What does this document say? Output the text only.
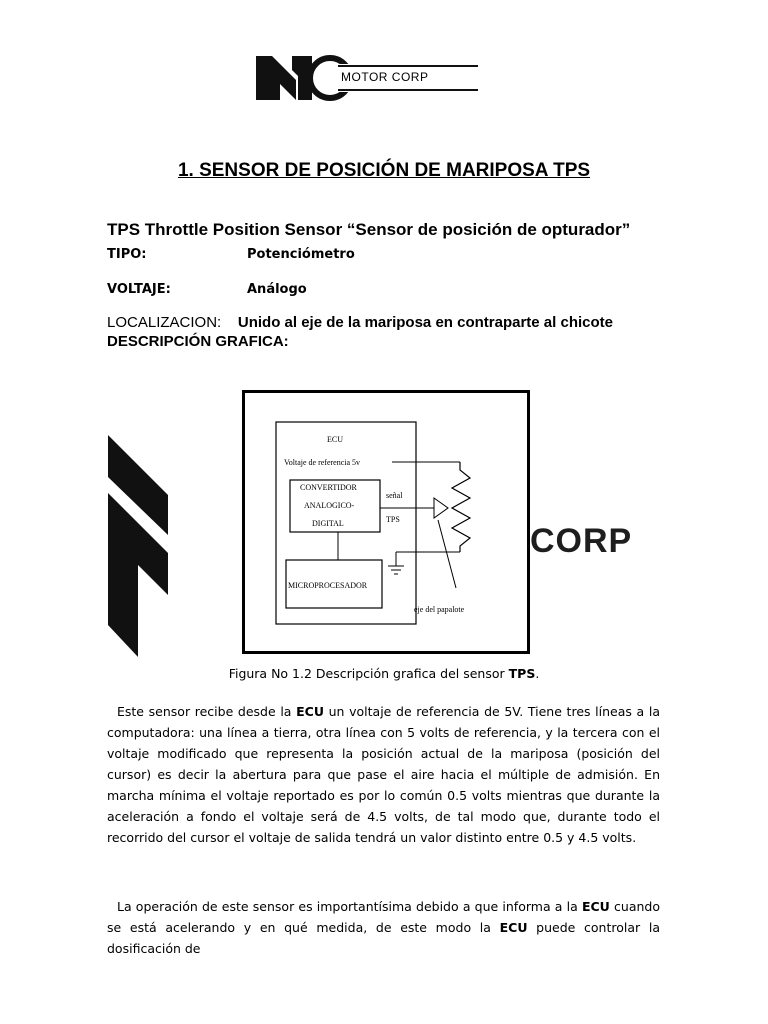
MOTOR CORP
1. SENSOR DE POSICIÓN DE MARIPOSA TPS
TPS Throttle Position Sensor “Sensor de posición de opturador”
TIPO:	Potenciómetro
VOLTAJE:	Análogo
LOCALIZACION: Unido al eje de la mariposa en contraparte al chicote DESCRIPCIÓN GRAFICA:
CORP
ECU
Voltaje de referencia 5v
CONVERTIDOR
ANALOGICO-
DIGITAL
señal
TPS
MICROPROCESADOR
eje del papalote
Figura No 1.2 Descripción grafica del sensor TPS.
Este sensor recibe desde la ECU un voltaje de referencia de 5V. Tiene tres líneas a la computadora: una línea a tierra, otra línea con 5 volts de referencia, y la tercera con el voltaje modificado que representa la posición actual de la mariposa (posición del cursor) es decir la abertura para que pase el aire hacia el múltiple de admisión. En marcha mínima el voltaje reportado es por lo común 0.5 volts mientras que durante la aceleración a fondo el voltaje será de 4.5 volts, de tal modo que, durante todo el recorrido del cursor el voltaje de salida tendrá un valor distinto entre 0.5 y 4.5 volts.
La operación de este sensor es importantísima debido a que informa a la ECU cuando se está acelerando y en qué medida, de este modo la ECU puede controlar la dosificación de
